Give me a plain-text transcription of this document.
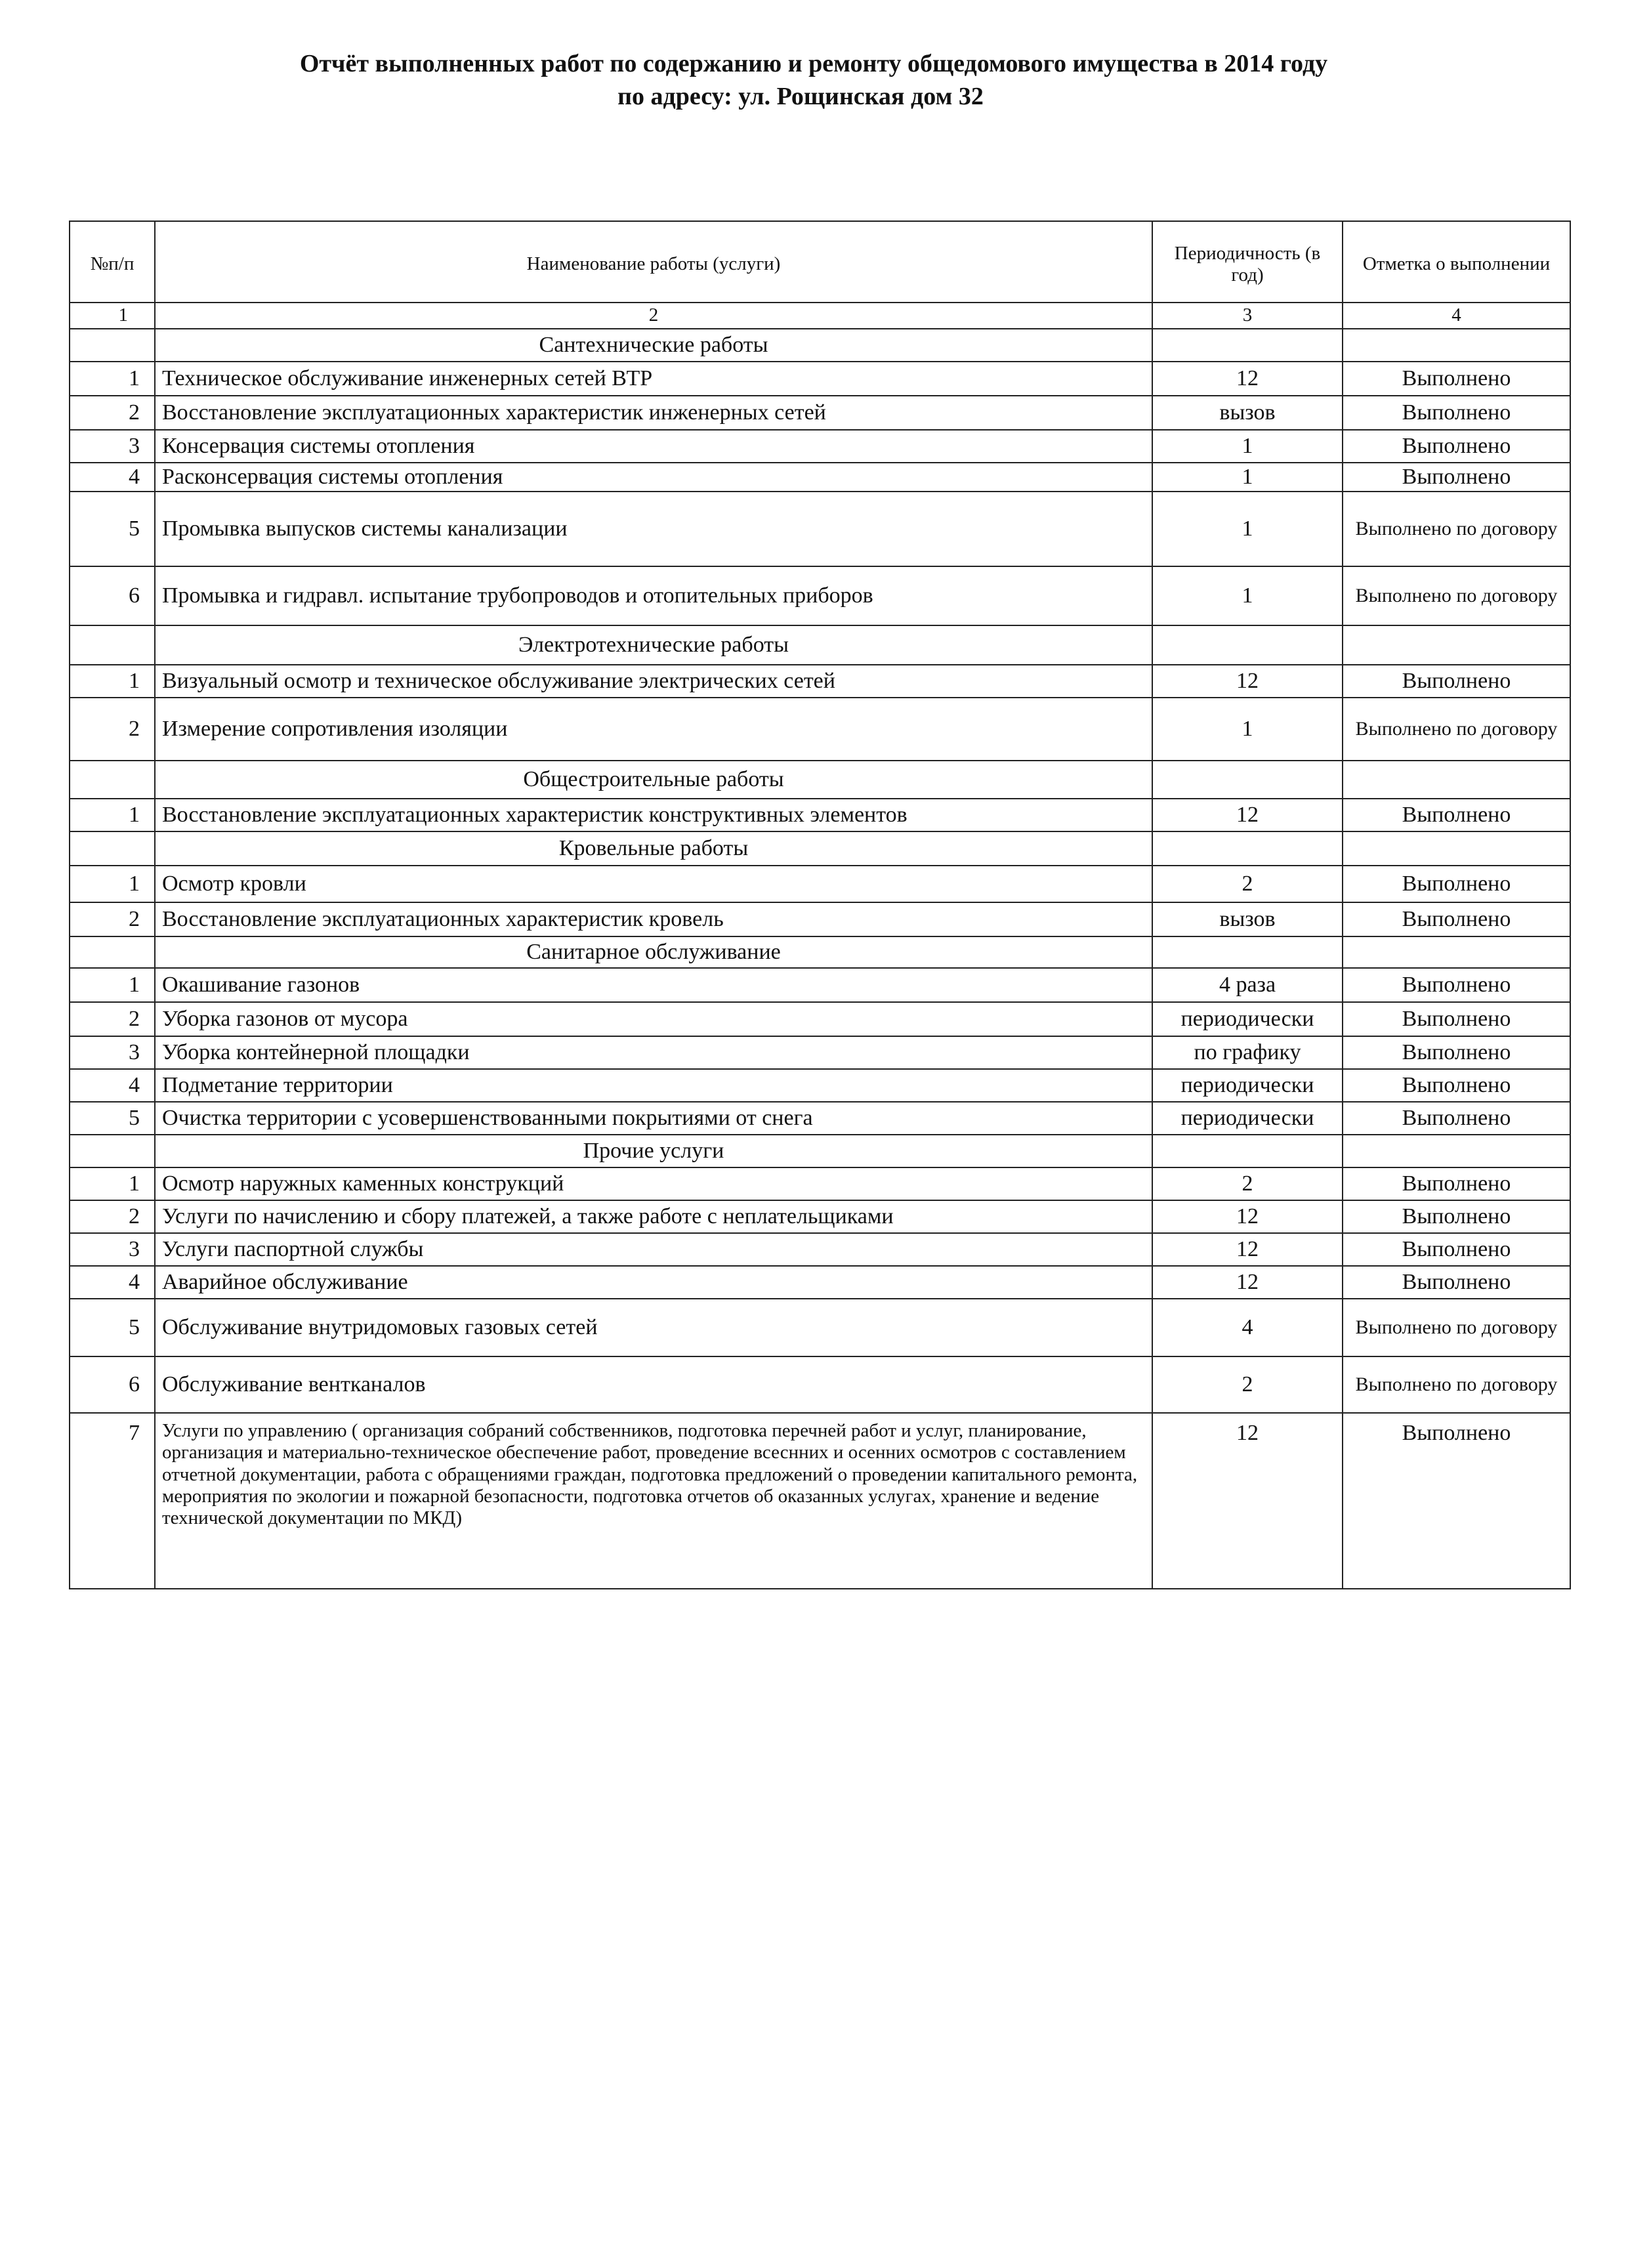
Отчёт выполненных работ по содержанию и ремонту общедомового имущества в 2014 году
по адресу: ул. Рощинская дом 32
№п/п	Наименование работы (услуги)	Периодичность (в год)	Отметка о выполнении
1	2	3	4
	Сантехнические работы		
1	Техническое обслуживание инженерных сетей ВТР	12	Выполнено
2	Восстановление эксплуатационных характеристик инженерных сетей	вызов	Выполнено
3	Консервация системы отопления	1	Выполнено
4	Расконсервация системы отопления	1	Выполнено
5	Промывка выпусков системы канализации	1	Выполнено по договору
6	Промывка и гидравл. испытание трубопроводов и отопительных приборов	1	Выполнено по договору
	Электротехнические работы		
1	Визуальный осмотр и техническое обслуживание электрических сетей	12	Выполнено
2	Измерение сопротивления изоляции	1	Выполнено по договору
	Общестроительные работы		
1	Восстановление эксплуатационных характеристик конструктивных элементов	12	Выполнено
	Кровельные работы		
1	Осмотр кровли	2	Выполнено
2	Восстановление эксплуатационных характеристик кровель	вызов	Выполнено
	Санитарное обслуживание		
1	Окашивание газонов	4 раза	Выполнено
2	Уборка газонов от мусора	периодически	Выполнено
3	Уборка контейнерной площадки	по графику	Выполнено
4	Подметание территории	периодически	Выполнено
5	Очистка территории с усовершенствованными покрытиями от снега	периодически	Выполнено
	Прочие услуги		
1	Осмотр наружных каменных конструкций	2	Выполнено
2	Услуги по начислению и сбору платежей, а также работе с неплательщиками	12	Выполнено
3	Услуги паспортной службы	12	Выполнено
4	Аварийное обслуживание	12	Выполнено
5	Обслуживание внутридомовых газовых сетей	4	Выполнено по договору
6	Обслуживание вентканалов	2	Выполнено по договору
7	Услуги по управлению ( организация собраний собственников, подготовка перечней работ и услуг, планирование, организация и материально-техническое обеспечение работ, проведение всеснних и осенних осмотров с составлением отчетной документации, работа с обращениями граждан, подготовка предложений о проведении капитального ремонта, мероприятия по экологии и пожарной безопасности, подготовка отчетов об оказанных услугах, хранение и ведение технической документации по МКД)	12	Выполнено
